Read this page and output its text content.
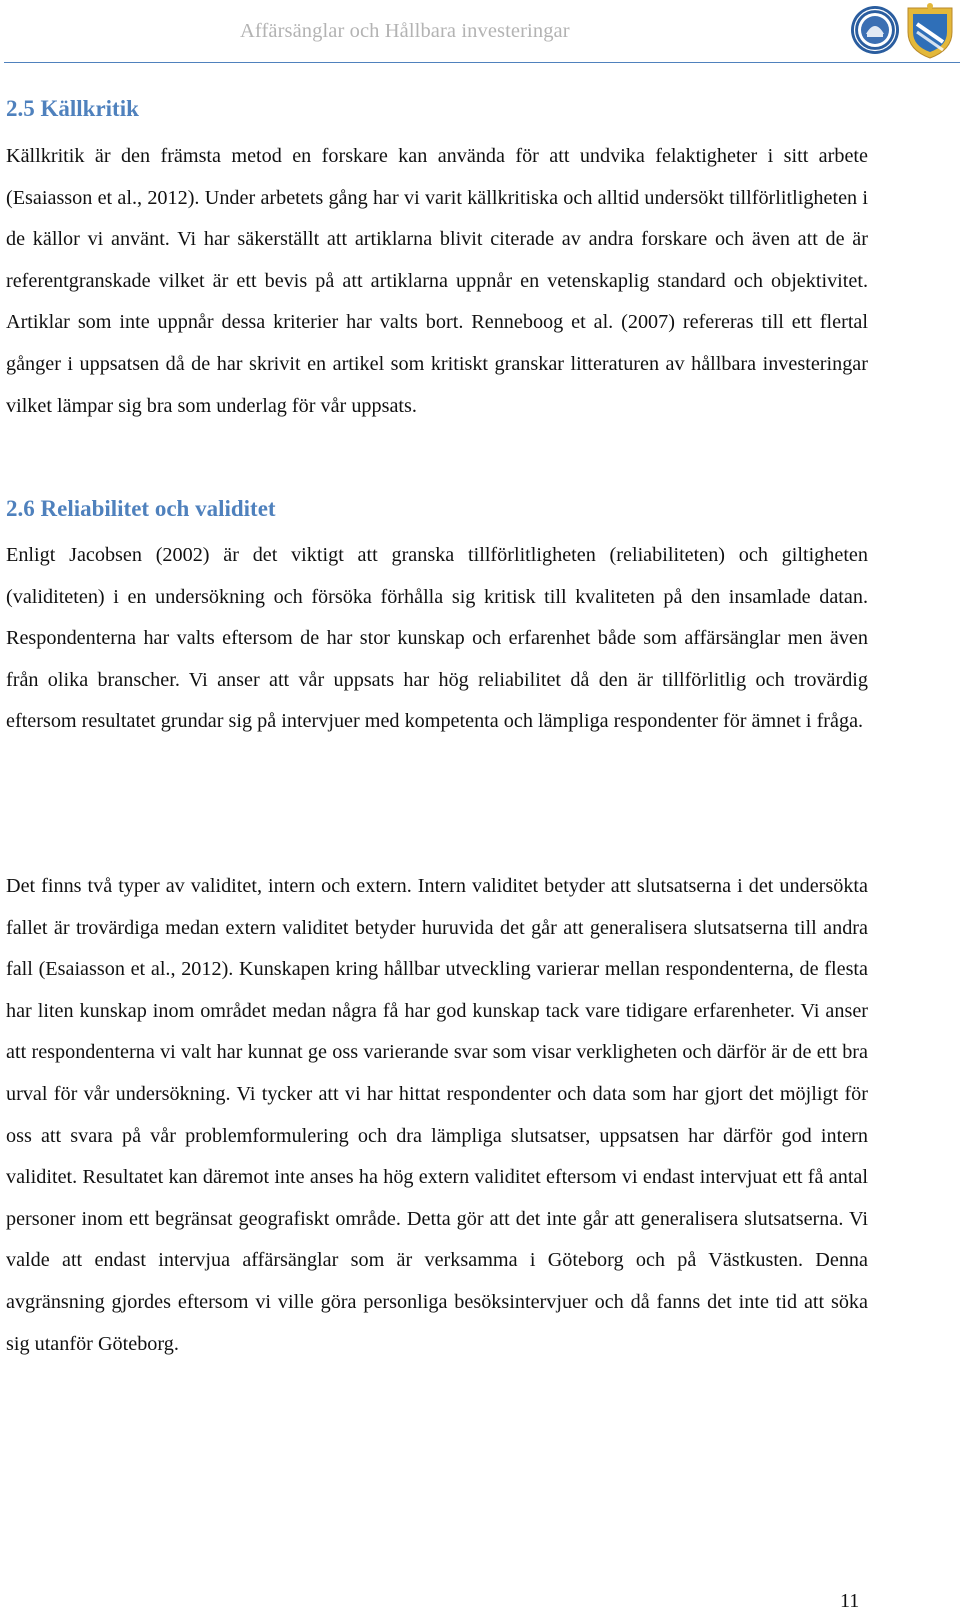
Affärsänglar och Hållbara investeringar
2.5 Källkritik

Källkritik är den främsta metod en forskare kan använda för att undvika felaktigheter i sitt arbete (Esaiasson et al., 2012). Under arbetets gång har vi varit källkritiska och alltid undersökt tillförlitligheten i de källor vi använt. Vi har säkerställt att artiklarna blivit citerade av andra forskare och även att de är referentgranskade vilket är ett bevis på att artiklarna uppnår en vetenskaplig standard och objektivitet. Artiklar som inte uppnår dessa kriterier har valts bort. Renneboog et al. (2007) refereras till ett flertal gånger i uppsatsen då de har skrivit en artikel som kritiskt granskar litteraturen av hållbara investeringar vilket lämpar sig bra som underlag för vår uppsats.

2.6 Reliabilitet och validitet

Enligt Jacobsen (2002) är det viktigt att granska tillförlitligheten (reliabiliteten) och giltigheten (validiteten) i en undersökning och försöka förhålla sig kritisk till kvaliteten på den insamlade datan. Respondenterna har valts eftersom de har stor kunskap och erfarenhet både som affärsänglar men även från olika branscher. Vi anser att vår uppsats har hög reliabilitet då den är tillförlitlig och trovärdig eftersom resultatet grundar sig på intervjuer med kompetenta och lämpliga respondenter för ämnet i fråga.

Det finns två typer av validitet, intern och extern. Intern validitet betyder att slutsatserna i det undersökta fallet är trovärdiga medan extern validitet betyder huruvida det går att generalisera slutsatserna till andra fall (Esaiasson et al., 2012). Kunskapen kring hållbar utveckling varierar mellan respondenterna, de flesta har liten kunskap inom området medan några få har god kunskap tack vare tidigare erfarenheter. Vi anser att respondenterna vi valt har kunnat ge oss varierande svar som visar verkligheten och därför är de ett bra urval för vår undersökning. Vi tycker att vi har hittat respondenter och data som har gjort det möjligt för oss att svara på vår problemformulering och dra lämpliga slutsatser, uppsatsen har därför god intern validitet. Resultatet kan däremot inte anses ha hög extern validitet eftersom vi endast intervjuat ett få antal personer inom ett begränsat geografiskt område. Detta gör att det inte går att generalisera slutsatserna. Vi valde att endast intervjua affärsänglar som är verksamma i Göteborg och på Västkusten. Denna avgränsning gjordes eftersom vi ville göra personliga besöksintervjuer och då fanns det inte tid att söka sig utanför Göteborg.

11
